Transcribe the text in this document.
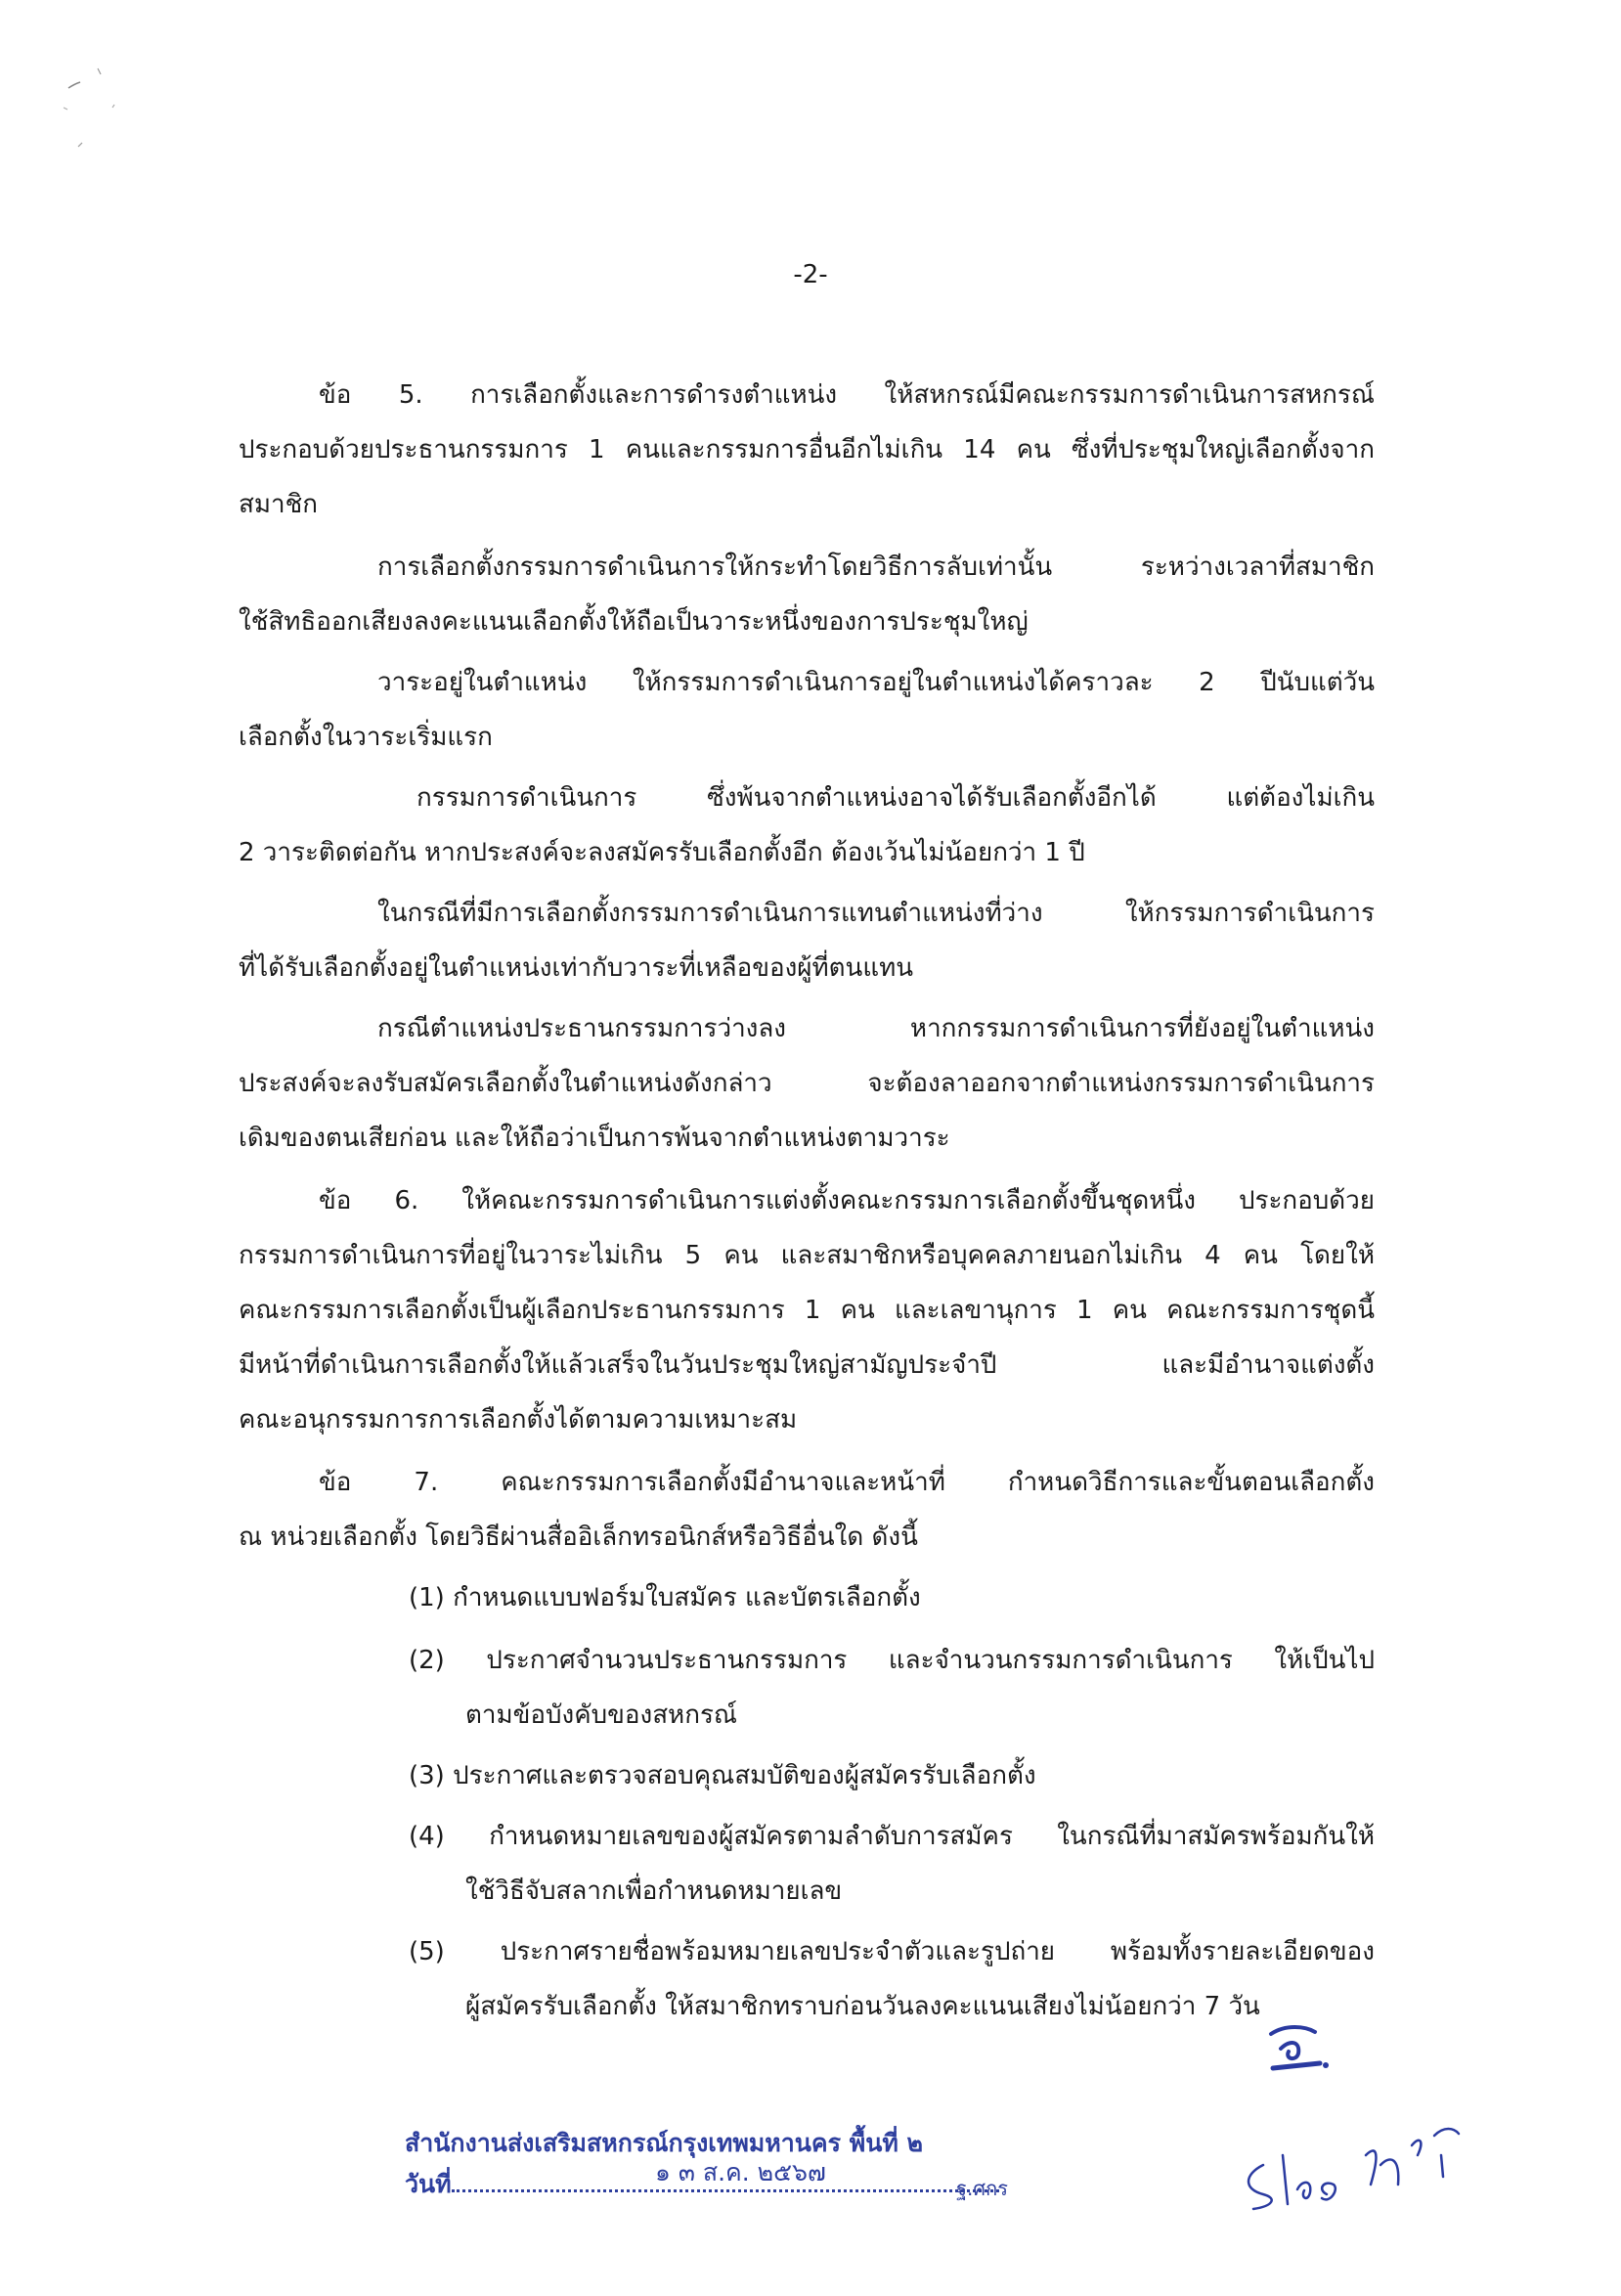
-2-
ข้อ 5. การเลือกตั้งและการดำรงตำแหน่ง ให้สหกรณ์มีคณะกรรมการดำเนินการสหกรณ์
ประกอบด้วยประธานกรรมการ 1 คนและกรรมการอื่นอีกไม่เกิน 14 คน ซึ่งที่ประชุมใหญ่เลือกตั้งจาก
สมาชิก
การเลือกตั้งกรรมการดำเนินการให้กระทำโดยวิธีการลับเท่านั้น ระหว่างเวลาที่สมาชิก
ใช้สิทธิออกเสียงลงคะแนนเลือกตั้งให้ถือเป็นวาระหนึ่งของการประชุมใหญ่
วาระอยู่ในตำแหน่ง ให้กรรมการดำเนินการอยู่ในตำแหน่งได้คราวละ 2 ปีนับแต่วัน
เลือกตั้งในวาระเริ่มแรก
กรรมการดำเนินการ ซึ่งพ้นจากตำแหน่งอาจได้รับเลือกตั้งอีกได้ แต่ต้องไม่เกิน
2 วาระติดต่อกัน หากประสงค์จะลงสมัครรับเลือกตั้งอีก ต้องเว้นไม่น้อยกว่า 1 ปี
ในกรณีที่มีการเลือกตั้งกรรมการดำเนินการแทนตำแหน่งที่ว่าง ให้กรรมการดำเนินการ
ที่ได้รับเลือกตั้งอยู่ในตำแหน่งเท่ากับวาระที่เหลือของผู้ที่ตนแทน
กรณีตำแหน่งประธานกรรมการว่างลง หากกรรมการดำเนินการที่ยังอยู่ในตำแหน่ง
ประสงค์จะลงรับสมัครเลือกตั้งในตำแหน่งดังกล่าว จะต้องลาออกจากตำแหน่งกรรมการดำเนินการ
เดิมของตนเสียก่อน และให้ถือว่าเป็นการพ้นจากตำแหน่งตามวาระ
ข้อ 6. ให้คณะกรรมการดำเนินการแต่งตั้งคณะกรรมการเลือกตั้งขึ้นชุดหนึ่ง ประกอบด้วย
กรรมการดำเนินการที่อยู่ในวาระไม่เกิน 5 คน และสมาชิกหรือบุคคลภายนอกไม่เกิน 4 คน โดยให้
คณะกรรมการเลือกตั้งเป็นผู้เลือกประธานกรรมการ 1 คน และเลขานุการ 1 คน คณะกรรมการชุดนี้
มีหน้าที่ดำเนินการเลือกตั้งให้แล้วเสร็จในวันประชุมใหญ่สามัญประจำปี และมีอำนาจแต่งตั้ง
คณะอนุกรรมการการเลือกตั้งได้ตามความเหมาะสม
ข้อ 7. คณะกรรมการเลือกตั้งมีอำนาจและหน้าที่ กำหนดวิธีการและขั้นตอนเลือกตั้ง
ณ หน่วยเลือกตั้ง โดยวิธีผ่านสื่ออิเล็กทรอนิกส์หรือวิธีอื่นใด ดังนี้
(1) กำหนดแบบฟอร์มใบสมัคร และบัตรเลือกตั้ง
(2) ประกาศจำนวนประธานกรรมการ และจำนวนกรรมการดำเนินการ ให้เป็นไป
ตามข้อบังคับของสหกรณ์
(3) ประกาศและตรวจสอบคุณสมบัติของผู้สมัครรับเลือกตั้ง
(4) กำหนดหมายเลขของผู้สมัครตามลำดับการสมัคร ในกรณีที่มาสมัครพร้อมกันให้
ใช้วิธีจับสลากเพื่อกำหนดหมายเลข
(5) ประกาศรายชื่อพร้อมหมายเลขประจำตัวและรูปถ่าย พร้อมทั้งรายละเอียดของ
ผู้สมัครรับเลือกตั้ง ให้สมาชิกทราบก่อนวันลงคะแนนเสียงไม่น้อยกว่า 7 วัน
สำนักงานส่งเสริมสหกรณ์กรุงเทพมหานคร พื้นที่ ๒
วันที่	๑ ๓ ส.ค. ๒๕๖๗
ฐ.ศกร
